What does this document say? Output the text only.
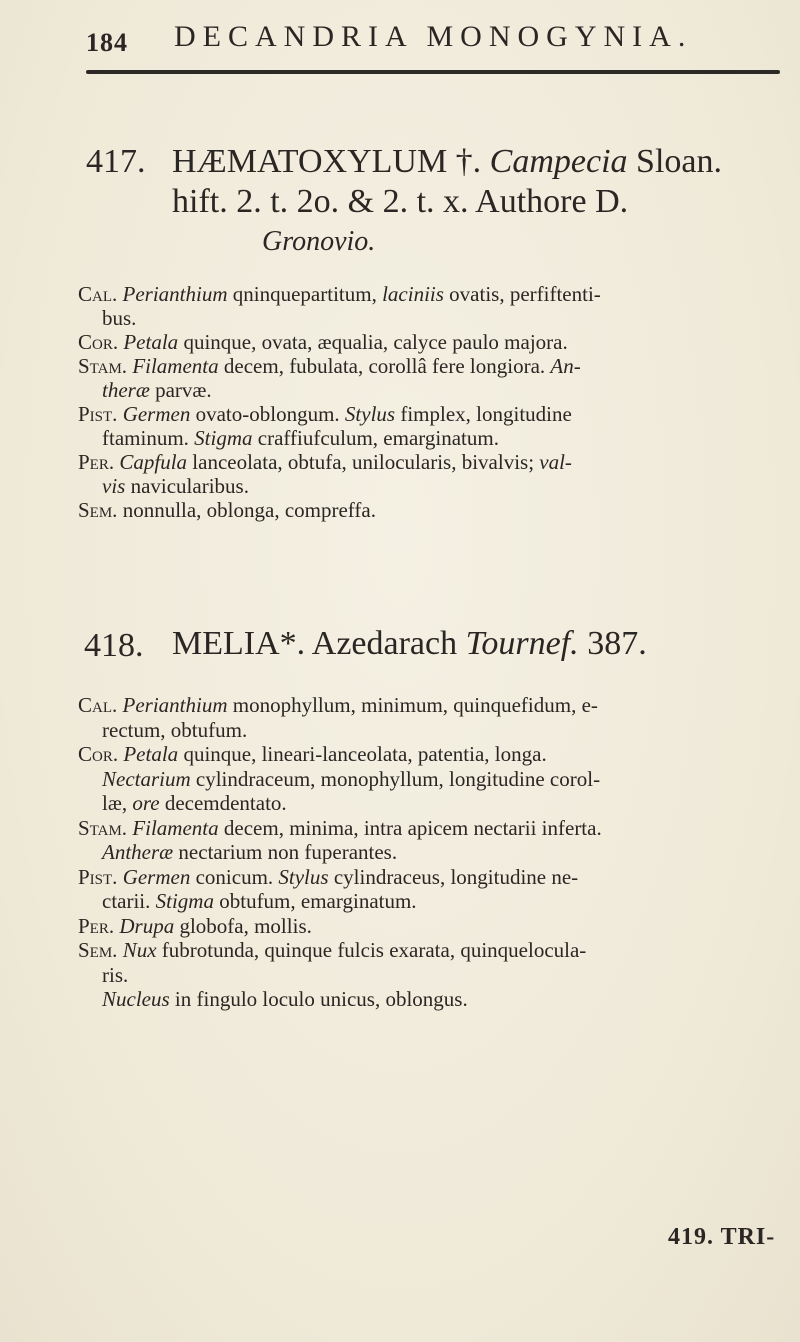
184 DECANDRIA MONOGYNIA.
417. HÆMATOXYLUM †. Campecia Sloan.
hift. 2. t. 2o. & 2. t. x. Authore D.
Gronovio.
Cal. Perianthium qninquepartitum, laciniis ovatis, perfiftenti-
bus.
Cor. Petala quinque, ovata, æqualia, calyce paulo majora.
Stam. Filamenta decem, fubulata, corollâ fere longiora. An-
theræ parvæ.
Pist. Germen ovato-oblongum. Stylus fimplex, longitudine
ftaminum. Stigma craffiufculum, emarginatum.
Per. Capfula lanceolata, obtufa, unilocularis, bivalvis; val-
vis navicularibus.
Sem. nonnulla, oblonga, compreffa.
418. MELIA*. Azedarach Tournef. 387.
Cal. Perianthium monophyllum, minimum, quinquefidum, e-
rectum, obtufum.
Cor. Petala quinque, lineari-lanceolata, patentia, longa.
Nectarium cylindraceum, monophyllum, longitudine corol-
læ, ore decemdentato.
Stam. Filamenta decem, minima, intra apicem nectarii inferta.
Antheræ nectarium non fuperantes.
Pist. Germen conicum. Stylus cylindraceus, longitudine ne-
ctarii. Stigma obtufum, emarginatum.
Per. Drupa globofa, mollis.
Sem. Nux fubrotunda, quinque fulcis exarata, quinquelocula-
ris.
Nucleus in fingulo loculo unicus, oblongus.
419. TRI-
